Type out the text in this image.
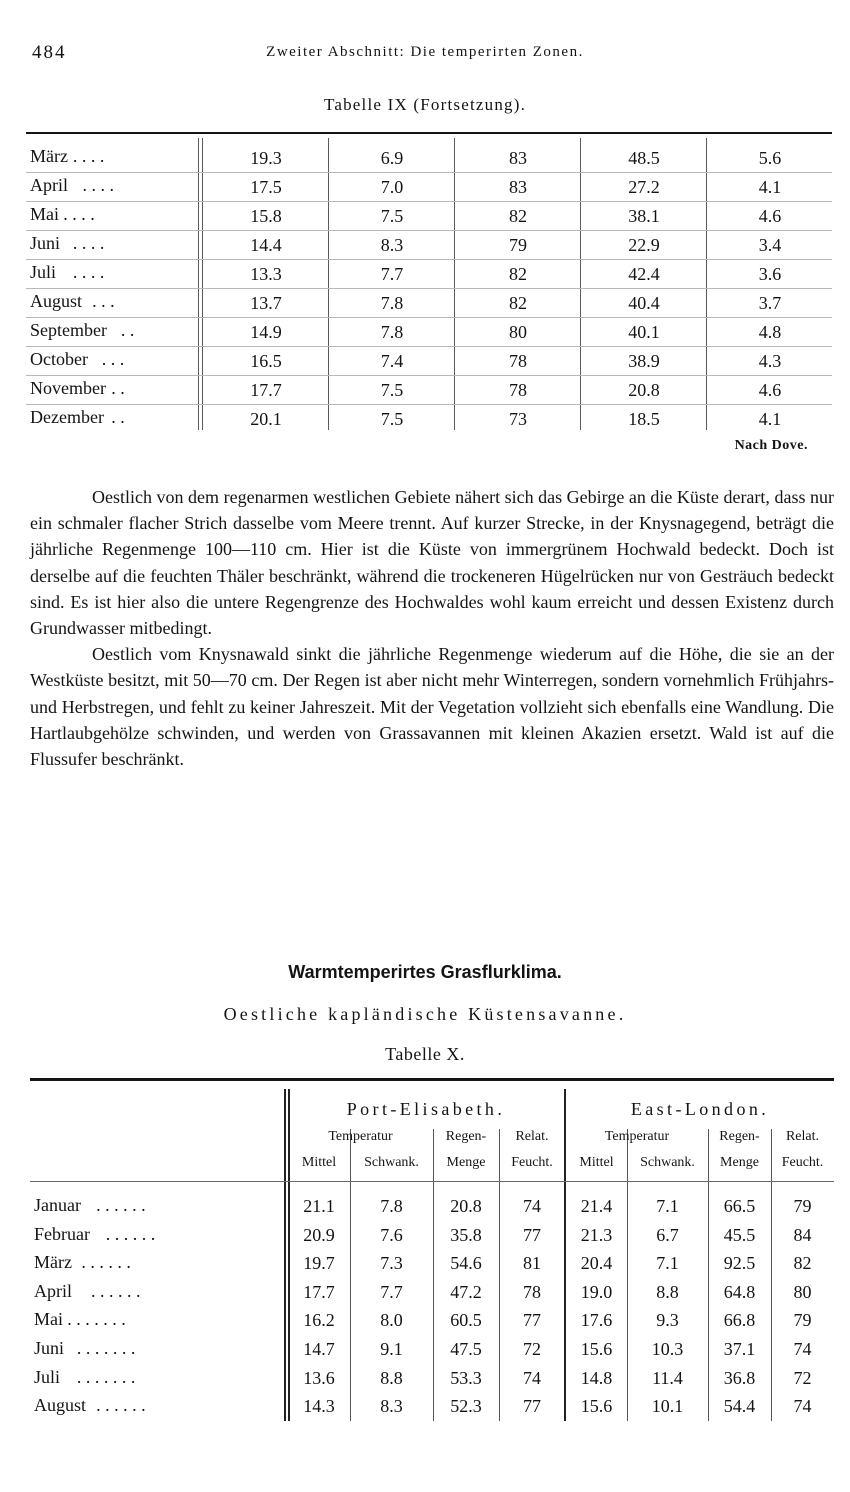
484	Zweiter Abschnitt: Die temperirten Zonen.
Tabelle IX (Fortsetzung).
März . . . .	19.3	6.9	83	48.5	5.6
April . . . .	17.5	7.0	83	27.2	4.1
Mai . . . .	15.8	7.5	82	38.1	4.6
Juni . . . .	14.4	8.3	79	22.9	3.4
Juli . . . .	13.3	7.7	82	42.4	3.6
August . . .	13.7	7.8	82	40.4	3.7
September . .	14.9	7.8	80	40.1	4.8
October . . .	16.5	7.4	78	38.9	4.3
November . .	17.7	7.5	78	20.8	4.6
Dezember . .	20.1	7.5	73	18.5	4.1
Nach Dove.

Oestlich von dem regenarmen westlichen Gebiete nähert sich das Gebirge an die Küste derart, dass nur ein schmaler flacher Strich dasselbe vom Meere trennt. Auf kurzer Strecke, in der Knysnagegend, beträgt die jährliche Regenmenge 100—110 cm. Hier ist die Küste von immergrünem Hochwald bedeckt. Doch ist derselbe auf die feuchten Thäler beschränkt, während die trockeneren Hügelrücken nur von Gesträuch bedeckt sind. Es ist hier also die untere Regengrenze des Hochwaldes wohl kaum erreicht und dessen Existenz durch Grundwasser mitbedingt.

Oestlich vom Knysnawald sinkt die jährliche Regenmenge wiederum auf die Höhe, die sie an der Westküste besitzt, mit 50—70 cm. Der Regen ist aber nicht mehr Winterregen, sondern vornehmlich Frühjahrs- und Herbstregen, und fehlt zu keiner Jahreszeit. Mit der Vegetation vollzieht sich ebenfalls eine Wandlung. Die Hartlaubgehölze schwinden, und werden von Grassavannen mit kleinen Akazien ersetzt. Wald ist auf die Flussufer beschränkt.

Warmtemperirtes Grasflurklima.
Oestliche kapländische Küstensavanne.
Tabelle X.
Port-Elisabeth.	East-London.
Temperatur	Regen-	Relat.	Temperatur	Regen-	Relat.
Mittel	Schwank.	Menge	Feucht.	Mittel	Schwank.	Menge	Feucht.
Januar . . . . . .	21.1	7.8	20.8	74	21.4	7.1	66.5	79
Februar . . . . . .	20.9	7.6	35.8	77	21.3	6.7	45.5	84
März . . . . . .	19.7	7.3	54.6	81	20.4	7.1	92.5	82
April . . . . . .	17.7	7.7	47.2	78	19.0	8.8	64.8	80
Mai . . . . . . .	16.2	8.0	60.5	77	17.6	9.3	66.8	79
Juni . . . . . . .	14.7	9.1	47.5	72	15.6	10.3	37.1	74
Juli . . . . . . .	13.6	8.8	53.3	74	14.8	11.4	36.8	72
August . . . . . .	14.3	8.3	52.3	77	15.6	10.1	54.4	74
